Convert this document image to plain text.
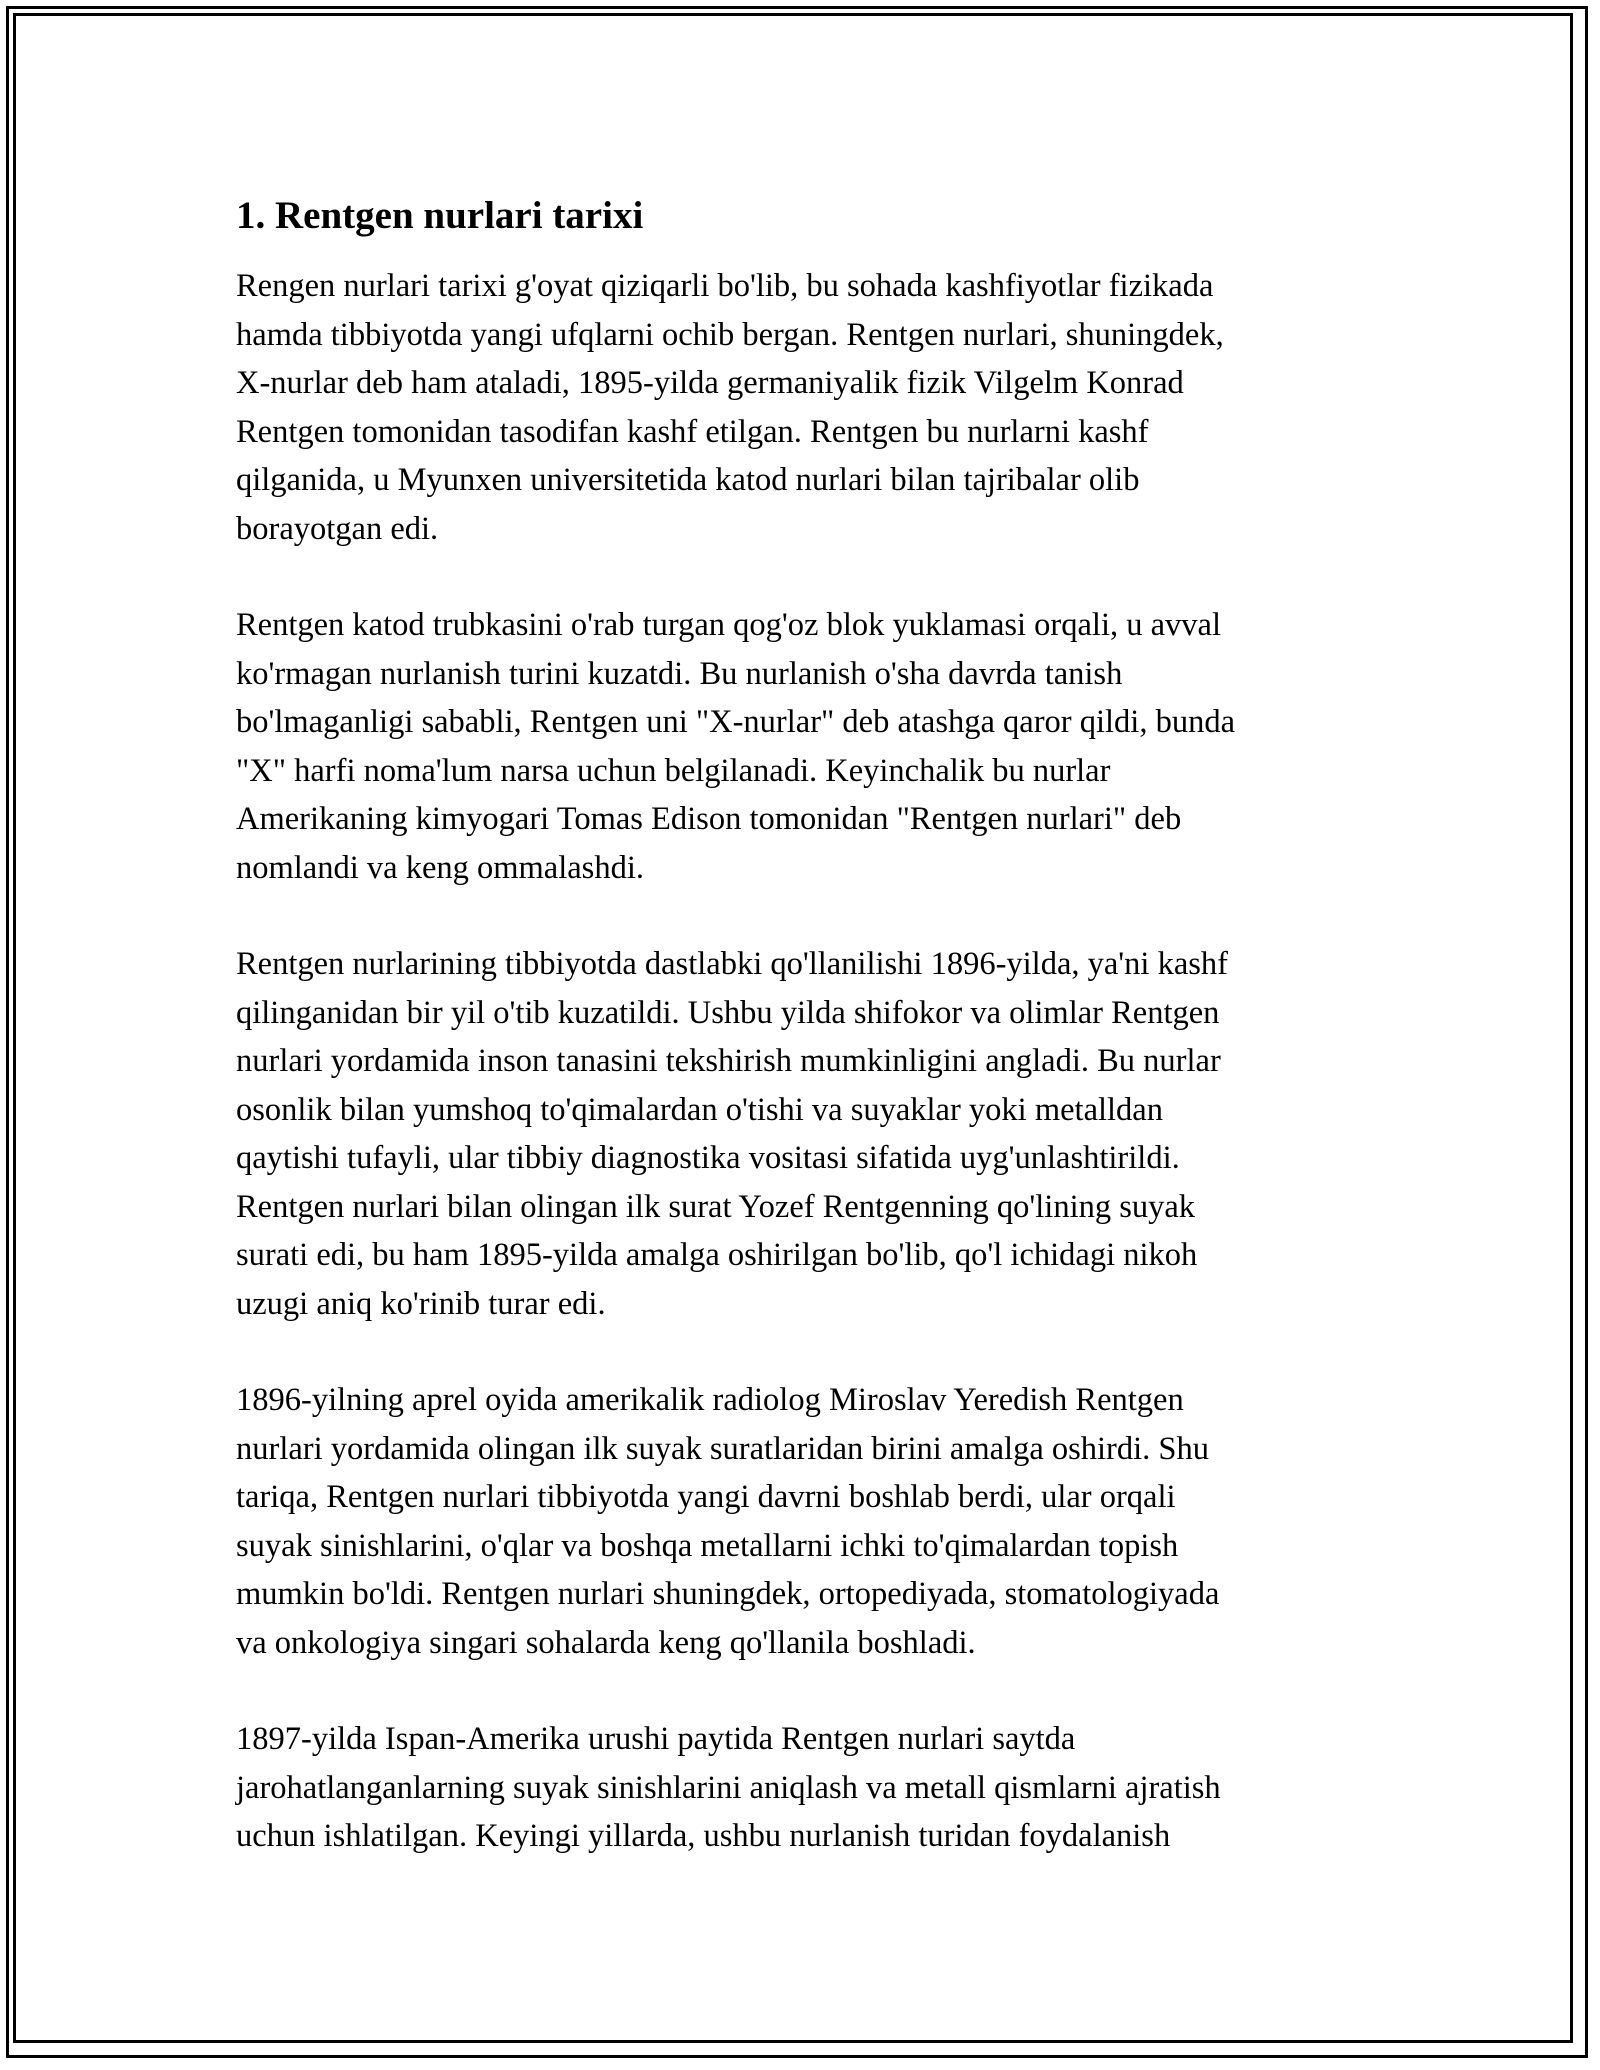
1. Rentgen nurlari tarixi

Rengen nurlari tarixi g'oyat qiziqarli bo'lib, bu sohada kashfiyotlar fizikada
hamda tibbiyotda yangi ufqlarni ochib bergan. Rentgen nurlari, shuningdek,
X-nurlar deb ham ataladi, 1895-yilda germaniyalik fizik Vilgelm Konrad
Rentgen tomonidan tasodifan kashf etilgan. Rentgen bu nurlarni kashf
qilganida, u Myunxen universitetida katod nurlari bilan tajribalar olib
borayotgan edi.

Rentgen katod trubkasini o'rab turgan qog'oz blok yuklamasi orqali, u avval
ko'rmagan nurlanish turini kuzatdi. Bu nurlanish o'sha davrda tanish
bo'lmaganligi sababli, Rentgen uni "X-nurlar" deb atashga qaror qildi, bunda
"X" harfi noma'lum narsa uchun belgilanadi. Keyinchalik bu nurlar
Amerikaning kimyogari Tomas Edison tomonidan "Rentgen nurlari" deb
nomlandi va keng ommalashdi.

Rentgen nurlarining tibbiyotda dastlabki qo'llanilishi 1896-yilda, ya'ni kashf
qilinganidan bir yil o'tib kuzatildi. Ushbu yilda shifokor va olimlar Rentgen
nurlari yordamida inson tanasini tekshirish mumkinligini angladi. Bu nurlar
osonlik bilan yumshoq to'qimalardan o'tishi va suyaklar yoki metalldan
qaytishi tufayli, ular tibbiy diagnostika vositasi sifatida uyg'unlashtirildi.
Rentgen nurlari bilan olingan ilk surat Yozef Rentgenning qo'lining suyak
surati edi, bu ham 1895-yilda amalga oshirilgan bo'lib, qo'l ichidagi nikoh
uzugi aniq ko'rinib turar edi.

1896-yilning aprel oyida amerikalik radiolog Miroslav Yeredish Rentgen
nurlari yordamida olingan ilk suyak suratlaridan birini amalga oshirdi. Shu
tariqa, Rentgen nurlari tibbiyotda yangi davrni boshlab berdi, ular orqali
suyak sinishlarini, o'qlar va boshqa metallarni ichki to'qimalardan topish
mumkin bo'ldi. Rentgen nurlari shuningdek, ortopediyada, stomatologiyada
va onkologiya singari sohalarda keng qo'llanila boshladi.

1897-yilda Ispan-Amerika urushi paytida Rentgen nurlari saytda
jarohatlanganlarning suyak sinishlarini aniqlash va metall qismlarni ajratish
uchun ishlatilgan. Keyingi yillarda, ushbu nurlanish turidan foydalanish
